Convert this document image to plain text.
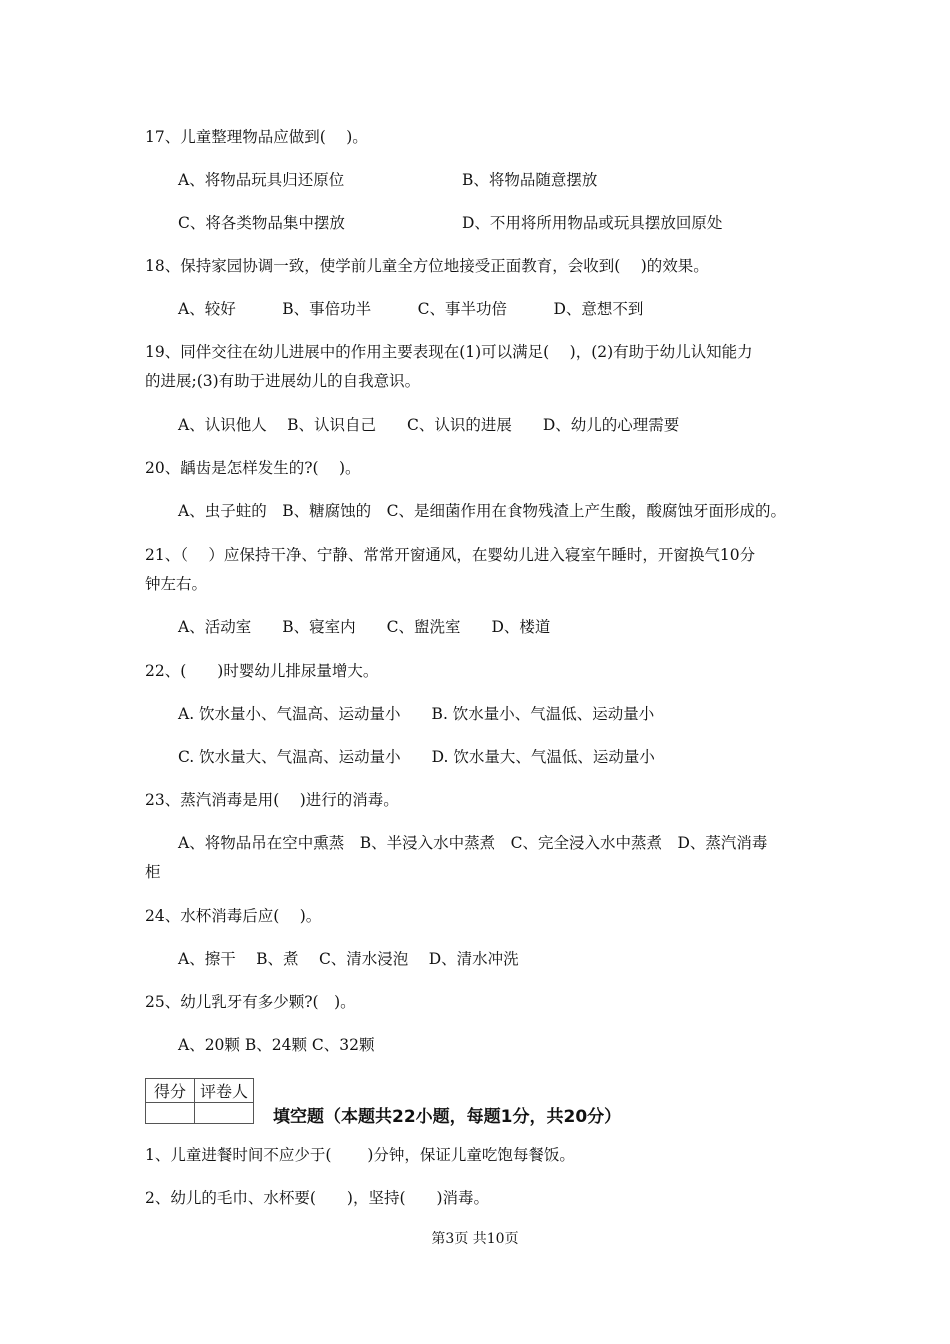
17、儿童整理物品应做到(　 )。
A、将物品玩具归还原位	B、将物品随意摆放
C、将各类物品集中摆放	D、不用将所用物品或玩具摆放回原处
18、保持家园协调一致，使学前儿童全方位地接受正面教育，会收到(　 )的效果。
A、较好　　　B、事倍功半　　　C、事半功倍　　　D、意想不到
19、同伴交往在幼儿进展中的作用主要表现在(1)可以满足(　 )，(2)有助于幼儿认知能力
的进展;(3)有助于进展幼儿的自我意识。
A、认识他人　 B、认识自己　　C、认识的进展　　D、幼儿的心理需要
20、龋齿是怎样发生的?(　 )。
A、虫子蛀的　B、糖腐蚀的　C、是细菌作用在食物残渣上产生酸，酸腐蚀牙面形成的。
21、（　 ）应保持干净、宁静、常常开窗通风，在婴幼儿进入寝室午睡时，开窗换气10分
钟左右。
A、活动室　　B、寝室内　　C、盥洗室　　D、楼道
22、(　　)时婴幼儿排尿量增大。
A. 饮水量小、气温高、运动量小　　B. 饮水量小、气温低、运动量小
C. 饮水量大、气温高、运动量小　　D. 饮水量大、气温低、运动量小
23、蒸汽消毒是用(　 )进行的消毒。
A、将物品吊在空中熏蒸　B、半浸入水中蒸煮　C、完全浸入水中蒸煮　D、蒸汽消毒
柜
24、水杯消毒后应(　 )。
A、擦干　 B、煮　 C、清水浸泡　 D、清水冲洗
25、幼儿乳牙有多少颗?(　)。
A、20颗 B、24颗 C、32颗
得分	评卷人

填空题（本题共22小题，每题1分，共20分）
1、儿童进餐时间不应少于(　　 )分钟，保证儿童吃饱每餐饭。
2、幼儿的毛巾、水杯要(　　)，坚持(　　)消毒。
第3页 共10页
